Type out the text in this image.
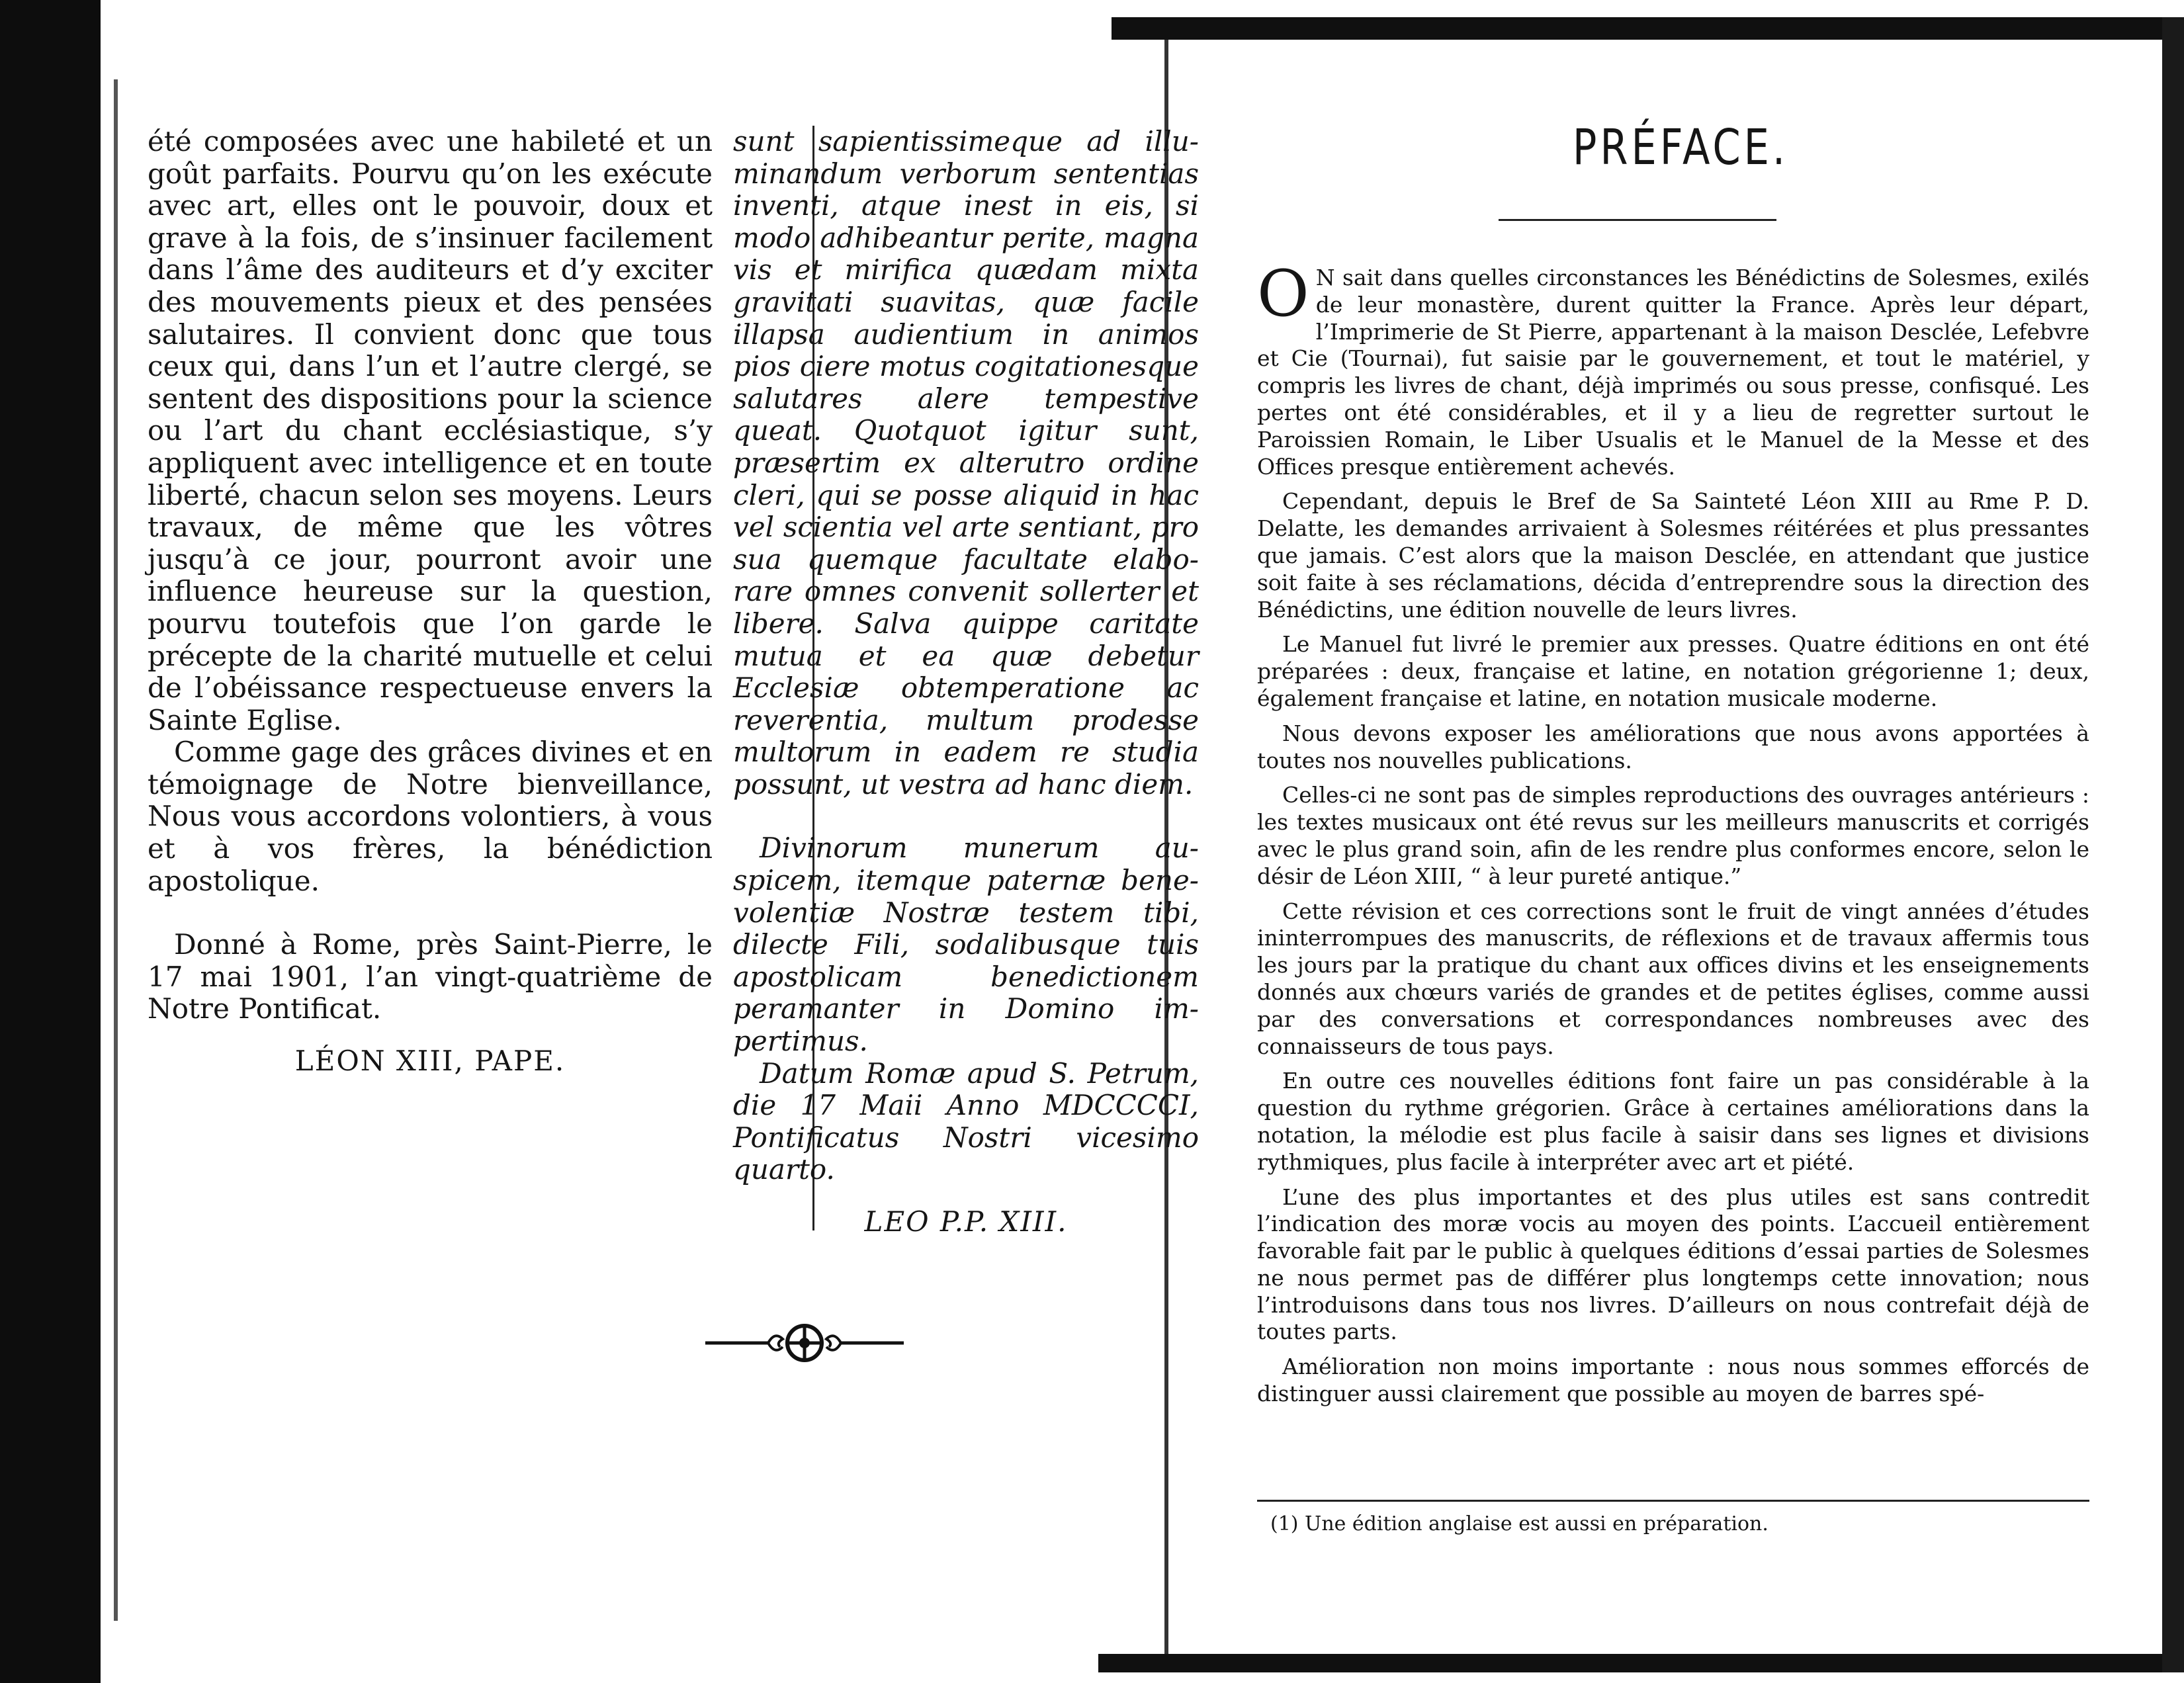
été composées avec une habileté et un goût parfaits. Pourvu qu’on les exécute avec art, elles ont le pouvoir, doux et grave à la fois, de s’insinuer facilement dans l’âme des auditeurs et d’y exciter des mouvements pieux et des pensées salutaires. Il convient donc que tous ceux qui, dans l’un et l’autre clergé, se sentent des dispositions pour la science ou l’art du chant ecclésiastique, s’y appliquent avec intelligence et en toute liberté, chacun selon ses moyens. Leurs travaux, de même que les vôtres jusqu’à ce jour, pourront avoir une influence heureuse sur la question, pourvu toutefois que l’on garde le précepte de la charité mutuelle et celui de l’obéissance respectueuse envers la Sainte Eglise.

Comme gage des grâces divines et en témoignage de Notre bienveillance, Nous vous accordons volontiers, à vous et à vos frères, la bénédiction apostolique.

Donné à Rome, près Saint-Pierre, le 17 mai 1901, l’an vingt-quatrième de Notre Pontificat.

LÉON XIII, PAPE.

sunt sapientissimeque ad illuminandum verborum sententias inventi, atque inest in eis, si modo adhibeantur perite, magna vis et mirifica quædam mixta gravitati suavitas, quæ facile illapsa audientium in animos pios ciere motus cogitationesque salutares alere tempestive queat. Quotquot igitur sunt, præsertim ex alterutro ordine cleri, qui se posse aliquid in hac vel scientia vel arte sentiant, pro sua quemque facultate elaborare omnes convenit sollerter et libere. Salva quippe caritate mutua et ea quæ debetur Ecclesiæ obtemperatione ac reverentia, multum prodesse multorum in eadem re studia possunt, ut vestra ad hanc diem.

Divinorum munerum auspicem, itemque paternæ benevolentiæ Nostræ testem tibi, dilecte Fili, sodalibusque tuis apostolicam benedictionem peramanter in Domino impertimus.

Datum Romæ apud S. Petrum, die 17 Maii Anno MDCCCCI, Pontificatus Nostri vicesimo quarto.

LEO P.P. XIII.

PRÉFACE.

O N sait dans quelles circonstances les Bénédictins de Solesmes, exilés de leur monastère, durent quitter la France. Après leur départ, l’Imprimerie de St Pierre, appartenant à la maison Desclée, Lefebvre et Cie (Tournai), fut saisie par le gouvernement, et tout le matériel, y compris les livres de chant, déjà imprimés ou sous presse, confisqué. Les pertes ont été considérables, et il y a lieu de regretter surtout le Paroissien Romain, le Liber Usualis et le Manuel de la Messe et des Offices presque entièrement achevés.

Cependant, depuis le Bref de Sa Sainteté Léon XIII au Rme P. D. Delatte, les demandes arrivaient à Solesmes réitérées et plus pressantes que jamais. C’est alors que la maison Desclée, en attendant que justice soit faite à ses réclamations, décida d’entreprendre sous la direction des Bénédictins, une édition nouvelle de leurs livres.

Le Manuel fut livré le premier aux presses. Quatre éditions en ont été préparées : deux, française et latine, en notation grégorienne 1; deux, également française et latine, en notation musicale moderne.

Nous devons exposer les améliorations que nous avons apportées à toutes nos nouvelles publications.

Celles-ci ne sont pas de simples reproductions des ouvrages antérieurs : les textes musicaux ont été revus sur les meilleurs manuscrits et corrigés avec le plus grand soin, afin de les rendre plus conformes encore, selon le désir de Léon XIII, “ à leur pureté antique.”

Cette révision et ces corrections sont le fruit de vingt années d’études ininterrompues des manuscrits, de réflexions et de travaux affermis tous les jours par la pratique du chant aux offices divins et les enseignements donnés aux chœurs variés de grandes et de petites églises, comme aussi par des conversations et correspondances nombreuses avec des connaisseurs de tous pays.

En outre ces nouvelles éditions font faire un pas considérable à la question du rythme grégorien. Grâce à certaines améliorations dans la notation, la mélodie est plus facile à saisir dans ses lignes et divisions rythmiques, plus facile à interpréter avec art et piété.

L’une des plus importantes et des plus utiles est sans contredit l’indication des moræ vocis au moyen des points. L’accueil entièrement favorable fait par le public à quelques éditions d’essai parties de Solesmes ne nous permet pas de différer plus longtemps cette innovation; nous l’introduisons dans tous nos livres. D’ailleurs on nous contrefait déjà de toutes parts.

Amélioration non moins importante : nous nous sommes efforcés de distinguer aussi clairement que possible au moyen de barres spé-

(1) Une édition anglaise est aussi en préparation.
